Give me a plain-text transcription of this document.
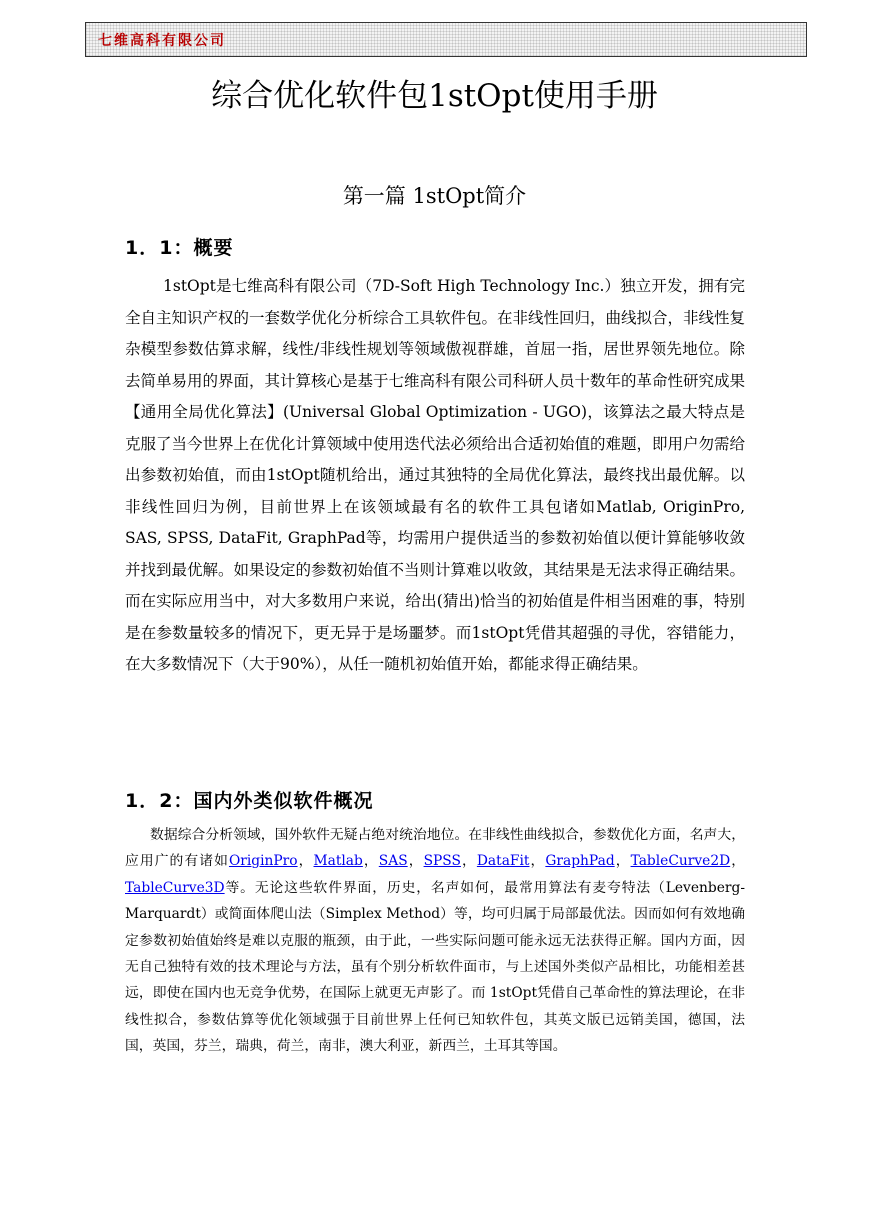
七维高科有限公司
综合优化软件包1stOpt使用手册
第一篇 1stOpt简介
1．1：概要
1stOpt是七维高科有限公司（7D-Soft High Technology Inc.）独立开发，拥有完全自主知识产权的一套数学优化分析综合工具软件包。在非线性回归，曲线拟合，非线性复杂模型参数估算求解，线性/非线性规划等领域傲视群雄，首屈一指，居世界领先地位。除去简单易用的界面，其计算核心是基于七维高科有限公司科研人员十数年的革命性研究成果【通用全局优化算法】(Universal Global Optimization - UGO)，该算法之最大特点是克服了当今世界上在优化计算领域中使用迭代法必须给出合适初始值的难题，即用户勿需给出参数初始值，而由1stOpt随机给出，通过其独特的全局优化算法，最终找出最优解。以非线性回归为例，目前世界上在该领域最有名的软件工具包诸如Matlab, OriginPro, SAS, SPSS, DataFit, GraphPad等，均需用户提供适当的参数初始值以便计算能够收敛并找到最优解。如果设定的参数初始值不当则计算难以收敛，其结果是无法求得正确结果。而在实际应用当中，对大多数用户来说，给出(猜出)恰当的初始值是件相当困难的事，特别是在参数量较多的情况下，更无异于是场噩梦。而1stOpt凭借其超强的寻优，容错能力，在大多数情况下（大于90%），从任一随机初始值开始，都能求得正确结果。
1．2：国内外类似软件概况
数据综合分析领域，国外软件无疑占绝对统治地位。在非线性曲线拟合，参数优化方面，名声大，应用广的有诸如OriginPro，Matlab，SAS，SPSS，DataFit，GraphPad，TableCurve2D，TableCurve3D等。无论这些软件界面，历史，名声如何，最常用算法有麦夸特法（Levenberg-Marquardt）或简面体爬山法（Simplex Method）等，均可归属于局部最优法。因而如何有效地确定参数初始值始终是难以克服的瓶颈，由于此，一些实际问题可能永远无法获得正解。国内方面，因无自己独特有效的技术理论与方法，虽有个别分析软件面市，与上述国外类似产品相比，功能相差甚远，即使在国内也无竞争优势，在国际上就更无声影了。而 1stOpt凭借自己革命性的算法理论，在非线性拟合，参数估算等优化领域强于目前世界上任何已知软件包，其英文版已远销美国，德国，法国，英国，芬兰，瑞典，荷兰，南非，澳大利亚，新西兰，土耳其等国。
